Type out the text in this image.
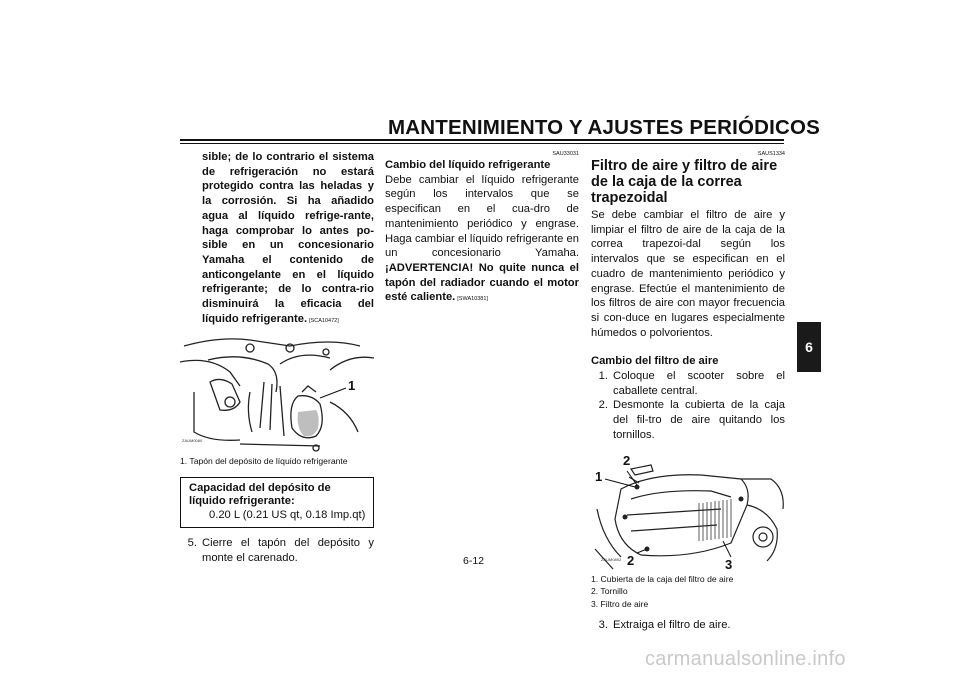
MANTENIMIENTO Y AJUSTES PERIÓDICOS
6
sible; de lo contrario el sistema de refrigeración no estará protegido contra las heladas y la corrosión. Si ha añadido agua al líquido refrige-rante, haga comprobar lo antes po-sible en un concesionario Yamaha el contenido de anticongelante en el líquido refrigerante; de lo contra-rio disminuirá la eficacia del líquido refrigerante. [SCA10472]
1
ZAUM0080
1. Tapón del depósito de líquido refrigerante
Capacidad del depósito de líquido refrigerante:
0.20 L (0.21 US qt, 0.18 Imp.qt)
5. Cierre el tapón del depósito y monte el carenado.
SAU33031
Cambio del líquido refrigerante
Debe cambiar el líquido refrigerante según los intervalos que se especifican en el cua-dro de mantenimiento periódico y engrase. Haga cambiar el líquido refrigerante en un concesionario Yamaha. ¡ADVERTENCIA! No quite nunca el tapón del radiador cuando el motor esté caliente. [SWA10381]
SAUS1334
Filtro de aire y filtro de aire de la caja de la correa trapezoidal
Se debe cambiar el filtro de aire y limpiar el filtro de aire de la caja de la correa trapezoi-dal según los intervalos que se especifican en el cuadro de mantenimiento periódico y engrase. Efectúe el mantenimiento de los filtros de aire con mayor frecuencia si con-duce en lugares especialmente húmedos o polvorientos.
Cambio del filtro de aire
1. Coloque el scooter sobre el caballete central.
2. Desmonte la cubierta de la caja del fil-tro de aire quitando los tornillos.
1
2
2	3
ZAUM0892
1. Cubierta de la caja del filtro de aire
2. Tornillo
3. Filtro de aire
3. Extraiga el filtro de aire.
6-12
carmanualsonline.info
